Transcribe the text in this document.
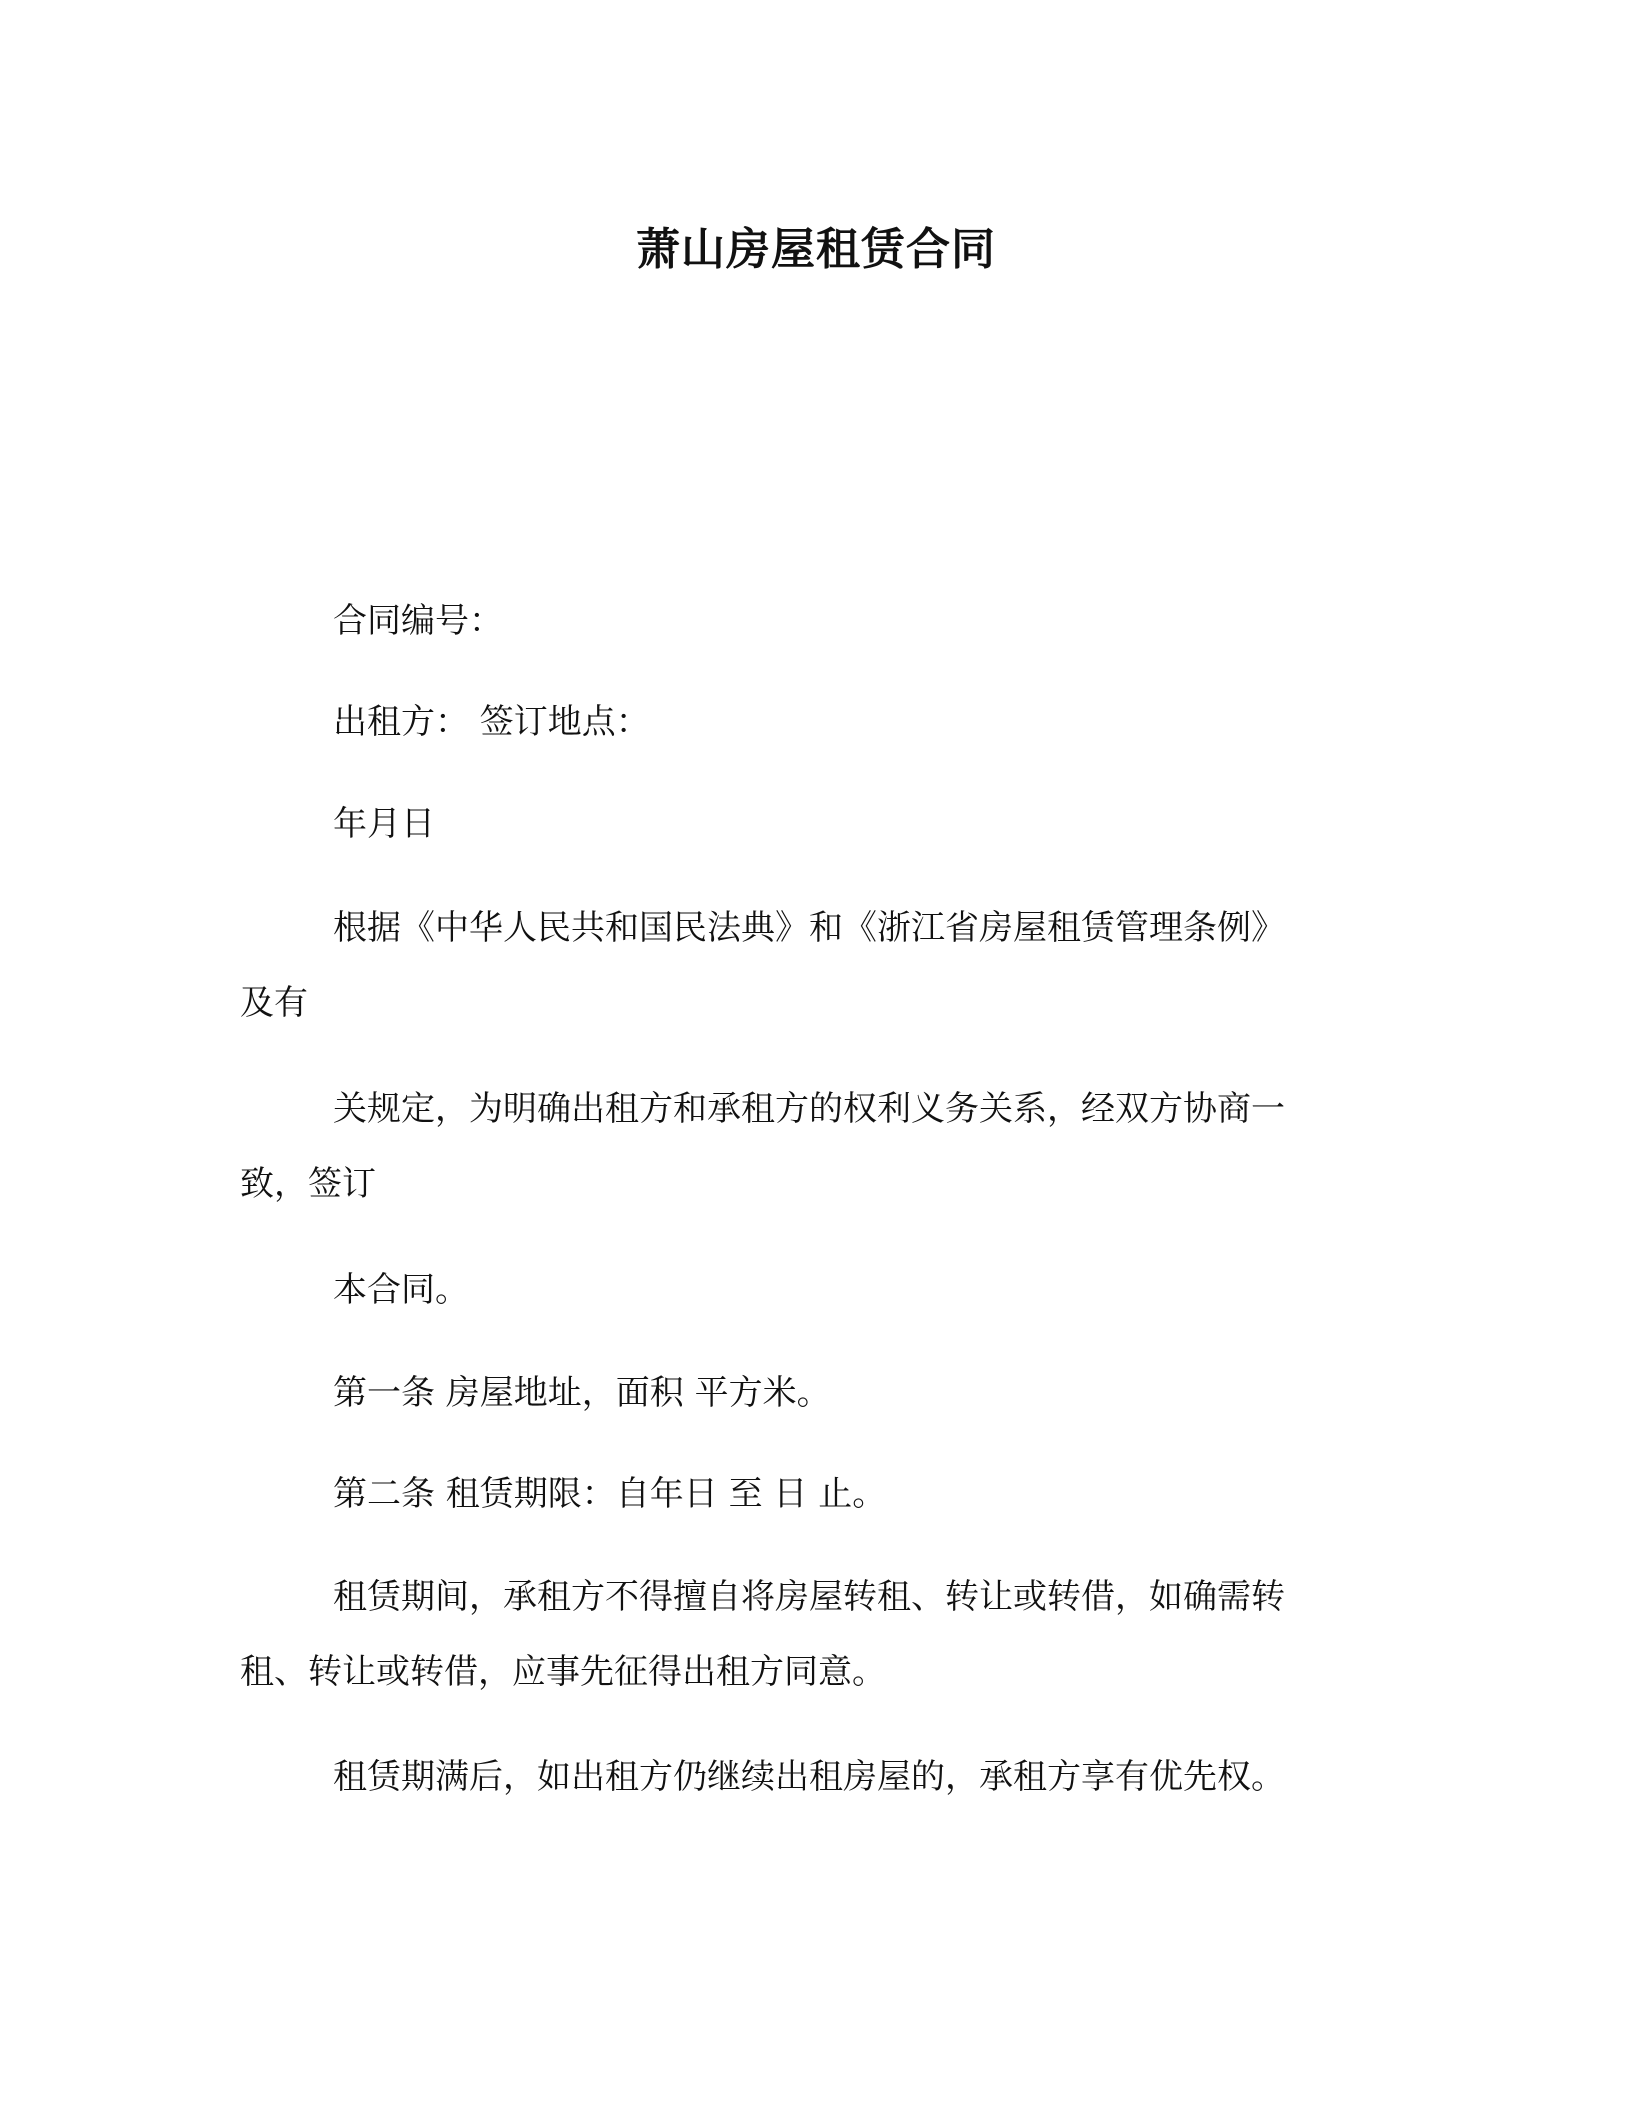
萧山房屋租赁合同
合同编号：
出租方： 签订地点：
年月日
根据《中华人民共和国民法典》和《浙江省房屋租赁管理条例》
及有
关规定，为明确出租方和承租方的权利义务关系，经双方协商一
致，签订
本合同。
第一条 房屋地址，面积 平方米。
第二条 租赁期限：自年日 至 日 止。
租赁期间，承租方不得擅自将房屋转租、转让或转借，如确需转
租、转让或转借，应事先征得出租方同意。
租赁期满后，如出租方仍继续出租房屋的，承租方享有优先权。
